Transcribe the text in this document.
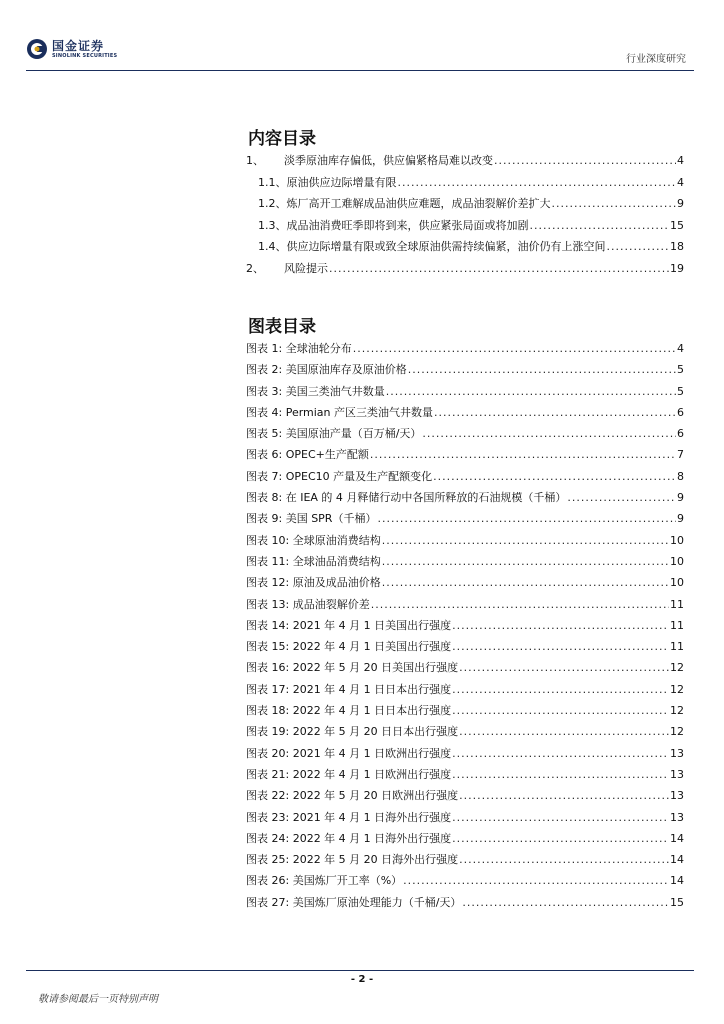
国金证券
SINOLINK SECURITIES	行业深度研究
内容目录
1、 淡季原油库存偏低，供应偏紧格局难以改变 .....	4
1.1、原油供应边际增量有限 .....	4
1.2、炼厂高开工难解成品油供应难题，成品油裂解价差扩大 .....	9
1.3、成品油消费旺季即将到来，供应紧张局面或将加剧 .....	15
1.4、供应边际增量有限或致全球原油供需持续偏紧，油价仍有上涨空间 .....	18
2、 风险提示 .....	19
图表目录
图表 1: 全球油轮分布 .....	4
图表 2: 美国原油库存及原油价格 .....	5
图表 3: 美国三类油气井数量 .....	5
图表 4: Permian 产区三类油气井数量 .....	6
图表 5: 美国原油产量（百万桶/天） .....	6
图表 6: OPEC+生产配额 .....	7
图表 7: OPEC10 产量及生产配额变化 .....	8
图表 8: 在 IEA 的 4 月释储行动中各国所释放的石油规模（千桶） .....	9
图表 9: 美国 SPR（千桶） .....	9
图表 10: 全球原油消费结构 .....	10
图表 11: 全球油品消费结构 .....	10
图表 12: 原油及成品油价格 .....	10
图表 13: 成品油裂解价差 .....	11
图表 14: 2021 年 4 月 1 日美国出行强度 .....	11
图表 15: 2022 年 4 月 1 日美国出行强度 .....	11
图表 16: 2022 年 5 月 20 日美国出行强度 .....	12
图表 17: 2021 年 4 月 1 日日本出行强度 .....	12
图表 18: 2022 年 4 月 1 日日本出行强度 .....	12
图表 19: 2022 年 5 月 20 日日本出行强度 .....	12
图表 20: 2021 年 4 月 1 日欧洲出行强度 .....	13
图表 21: 2022 年 4 月 1 日欧洲出行强度 .....	13
图表 22: 2022 年 5 月 20 日欧洲出行强度 .....	13
图表 23: 2021 年 4 月 1 日海外出行强度 .....	13
图表 24: 2022 年 4 月 1 日海外出行强度 .....	14
图表 25: 2022 年 5 月 20 日海外出行强度 .....	14
图表 26: 美国炼厂开工率（%） .....	14
图表 27: 美国炼厂原油处理能力（千桶/天） .....	15
- 2 -
敬请参阅最后一页特别声明
